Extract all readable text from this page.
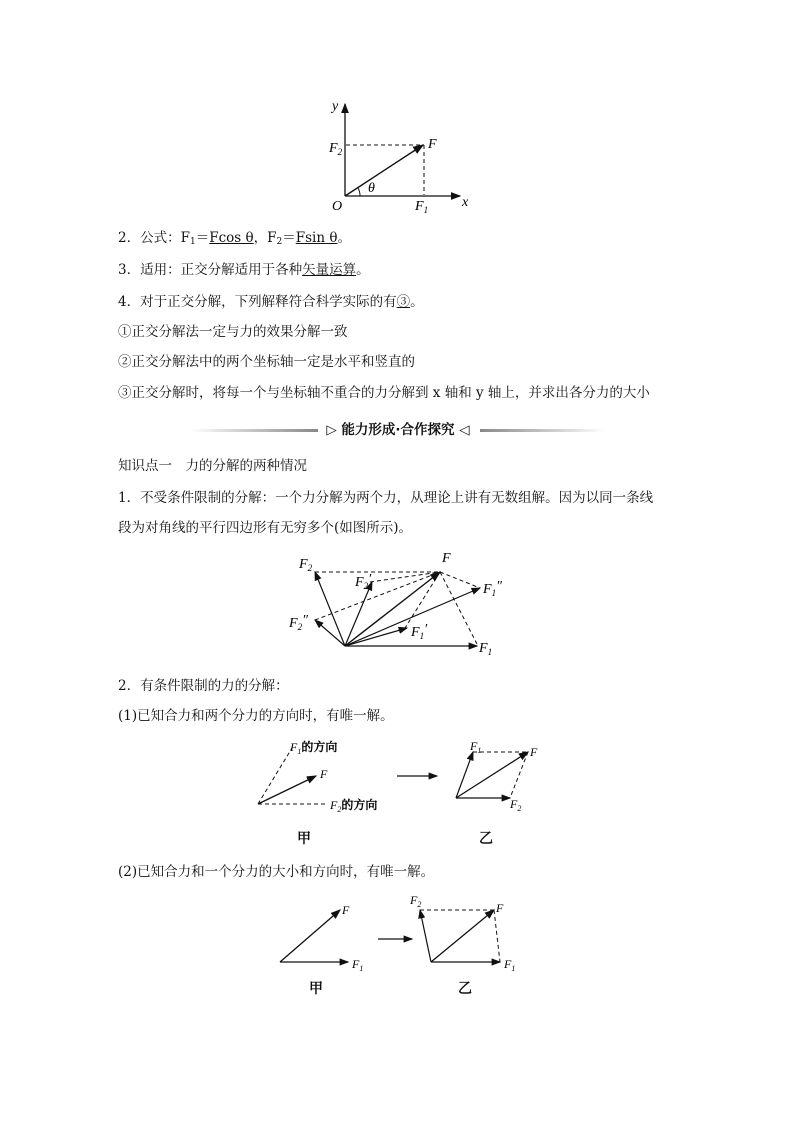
y
x
O
F
θ
$F_2$
$F_1$
2．公式：$F_1=Fcos$ θ，$F_2=Fsin$ θ。
3．适用：正交分解适用于各种矢量运算。
4．对于正交分解，下列解释符合科学实际的有③。
①正交分解法一定与力的效果分解一致
②正交分解法中的两个坐标轴一定是水平和竖直的
③正交分解时，将每一个与坐标轴不重合的力分解到 x 轴和 y 轴上，并求出各分力的大小
▷ 能力形成·合作探究 ◁
知识点一　力的分解的两种情况
1．不受条件限制的分解：一个力分解为两个力，从理论上讲有无数组解。因为以同一条线
段为对角线的平行四边形有无穷多个(如图所示)。
$F_2$
$F_2'$
$F_2''$
F
$F_1''$
$F_1'$
$F_1$
2．有条件限制的力的分解：
(1)已知合力和两个分力的方向时，有唯一解。
$F_1$的方向
F
$F_2$的方向
$F_1$	F
$F_2$
甲	乙
(2)已知合力和一个分力的大小和方向时，有唯一解。
F
$F_1$
$F_2$	F
$F_1$
甲	乙
